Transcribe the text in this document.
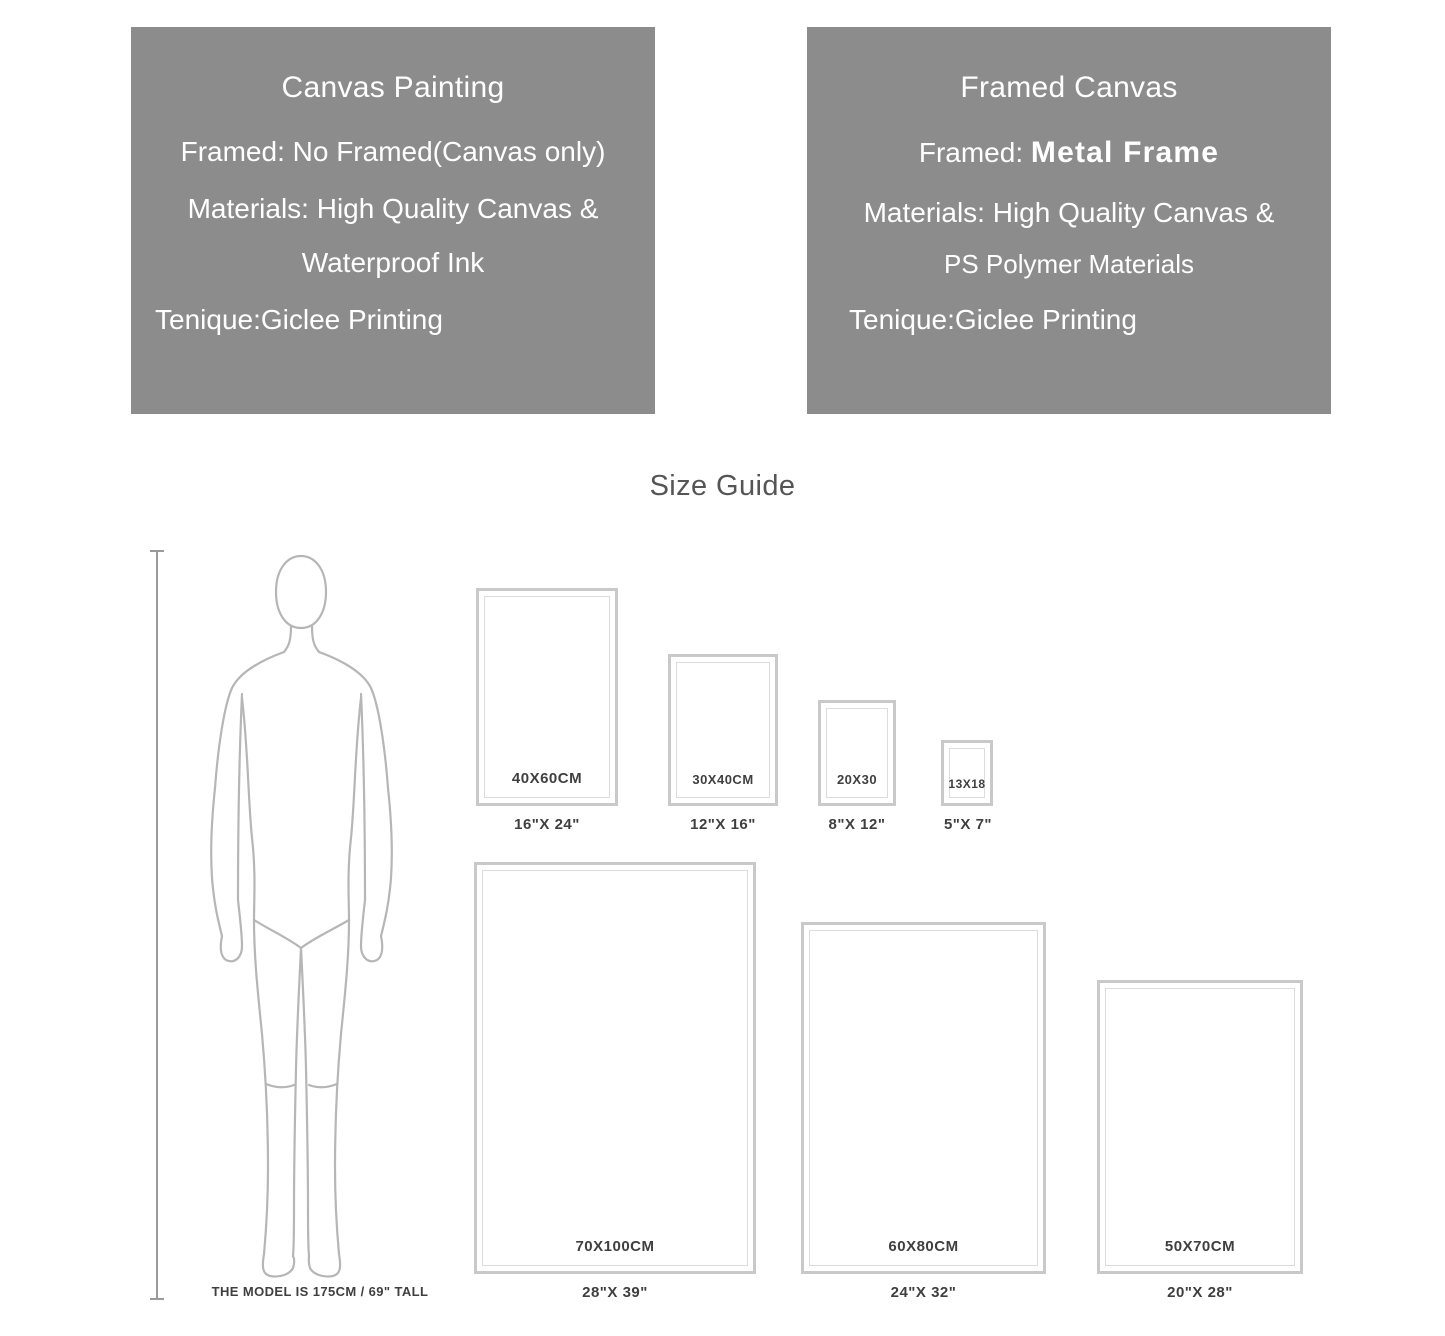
Canvas Painting
Framed: No Framed(Canvas only)
Materials: High Quality Canvas &
Waterproof Ink
Tenique:Giclee Printing
Framed Canvas
Framed: Metal Frame
Materials: High Quality Canvas &
PS Polymer Materials
Tenique:Giclee Printing
Size Guide
THE MODEL IS 175CM / 69" TALL
40X60CM
16"X 24"
30X40CM
12"X 16"
20X30
8"X 12"
13X18
5"X 7"
70X100CM
28"X 39"
60X80CM
24"X 32"
50X70CM
20"X 28"
